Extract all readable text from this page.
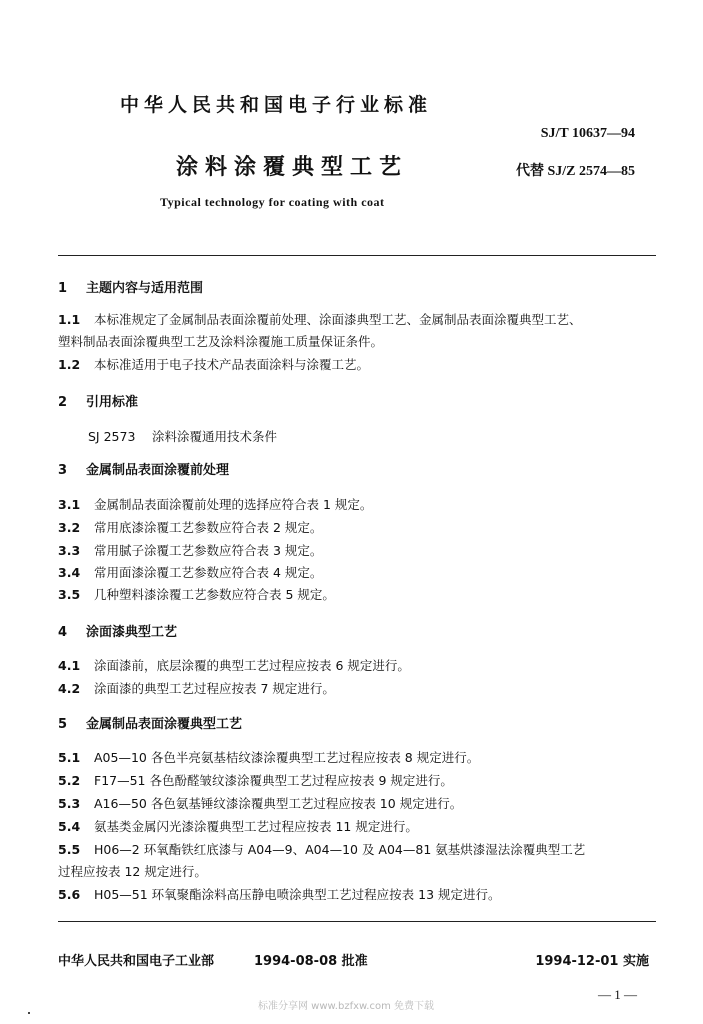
中华人民共和国电子行业标准
SJ/T 10637—94
涂料涂覆典型工艺	代替 SJ/Z 2574—85
Typical technology for coating with coat
1 主题内容与适用范围
1.1 本标准规定了金属制品表面涂覆前处理、涂面漆典型工艺、金属制品表面涂覆典型工艺、
塑料制品表面涂覆典型工艺及涂料涂覆施工质量保证条件。
1.2 本标准适用于电子技术产品表面涂料与涂覆工艺。
2 引用标准
SJ 2573 涂料涂覆通用技术条件
3 金属制品表面涂覆前处理
3.1 金属制品表面涂覆前处理的选择应符合表 1 规定。
3.2 常用底漆涂覆工艺参数应符合表 2 规定。
3.3 常用腻子涂覆工艺参数应符合表 3 规定。
3.4 常用面漆涂覆工艺参数应符合表 4 规定。
3.5 几种塑料漆涂覆工艺参数应符合表 5 规定。
4 涂面漆典型工艺
4.1 涂面漆前，底层涂覆的典型工艺过程应按表 6 规定进行。
4.2 涂面漆的典型工艺过程应按表 7 规定进行。
5 金属制品表面涂覆典型工艺
5.1 A05—10 各色半亮氨基桔纹漆涂覆典型工艺过程应按表 8 规定进行。
5.2 F17—51 各色酚醛皱纹漆涂覆典型工艺过程应按表 9 规定进行。
5.3 A16—50 各色氨基锤纹漆涂覆典型工艺过程应按表 10 规定进行。
5.4 氨基类金属闪光漆涂覆典型工艺过程应按表 11 规定进行。
5.5 H06—2 环氧酯铁红底漆与 A04—9、A04—10 及 A04—81 氨基烘漆湿法涂覆典型工艺
过程应按表 12 规定进行。
5.6 H05—51 环氧聚酯涂料高压静电喷涂典型工艺过程应按表 13 规定进行。
中华人民共和国电子工业部	1994-08-08 批准	1994-12-01 实施
— 1 —
标准分享网 www.bzfxw.com 免费下载
